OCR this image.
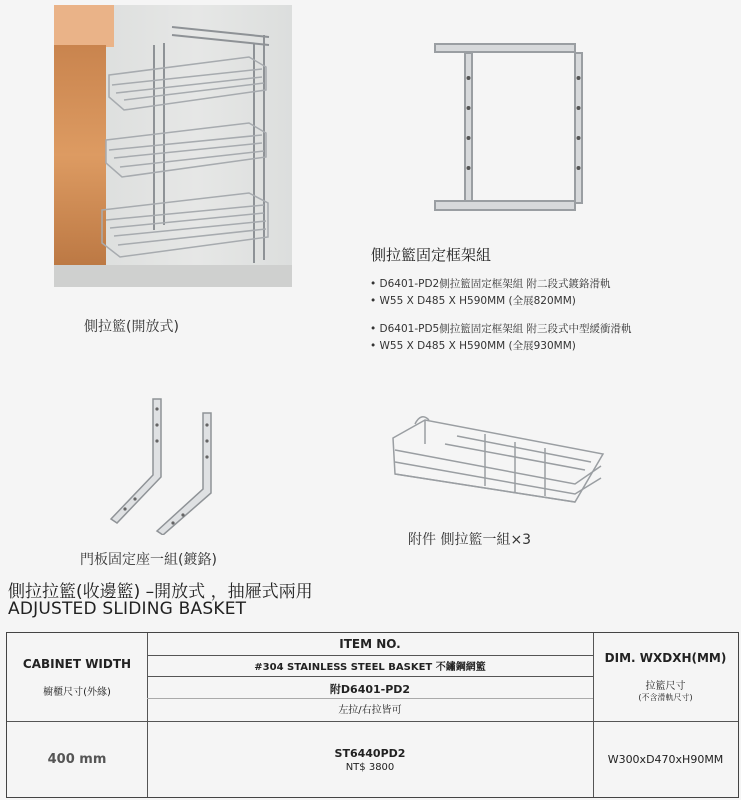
側拉籃(開放式)
側拉籃固定框架組
• D6401-PD2側拉籃固定框架組 附二段式鍍鉻滑軌
• W55 X D485 X H590MM (全展820MM)
• D6401-PD5側拉籃固定框架組 附三段式中型緩衝滑軌
• W55 X D485 X H590MM (全展930MM)
門板固定座一組(鍍鉻)
附件 側拉籃一組×3
側拉拉籃(收邊籃) –開放式 ，抽屜式兩用
ADJUSTED SLIDING BASKET
CABINET WIDTH
櫥櫃尺寸(外緣)
ITEM NO.
#304 STAINLESS STEEL BASKET 不鏽鋼網籃
附D6401-PD2
左拉/右拉皆可
DIM. WXDXH(MM)
拉籃尺寸
(不含滑軌尺寸)
400 mm	ST6440PD2
NT$ 3800
W300xD470xH90MM
